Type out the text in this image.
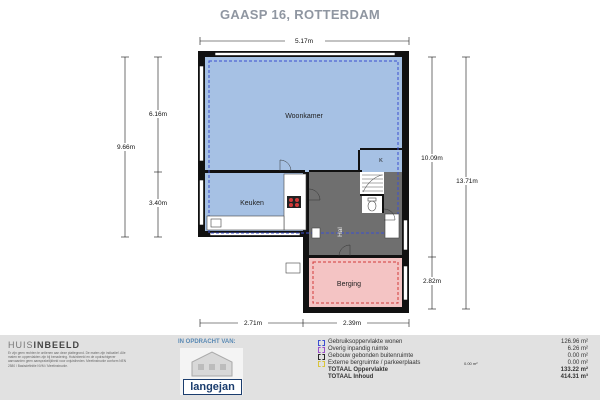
GAASP 16, ROTTERDAM
Woonkamer
Keuken
Hal
Berging
K
5.17m
9.66m
6.16m
3.40m
10.09m
2.82m
13.71m
2.71m	2.39m
HUISINBEELD
Er zijn geen rechten te ontlenen aan deze plattegrond. De maten zijn indicatief. Alle maten en oppervlakten zijn bij benadering. Huisinbeeld en de opdrachtgever aanvaarden geen aansprakelijkheid voor onjuistheden. Meetinstructie conform NEN 2580 / Basisdefinitie NVM / Meetinstructie.
IN OPDRACHT VAN:
langejan
Gebruiksoppervlakte wonen	126.96 m²
Overig inpandig ruimte	6.26 m²
Gebouw gebonden buitenruimte	0.00 m²
Externe bergruimte / parkeerplaats	0.00 m²	0.00 m²
TOTAAL Oppervlakte	133.22 m²
TOTAAL Inhoud	414.31 m³
